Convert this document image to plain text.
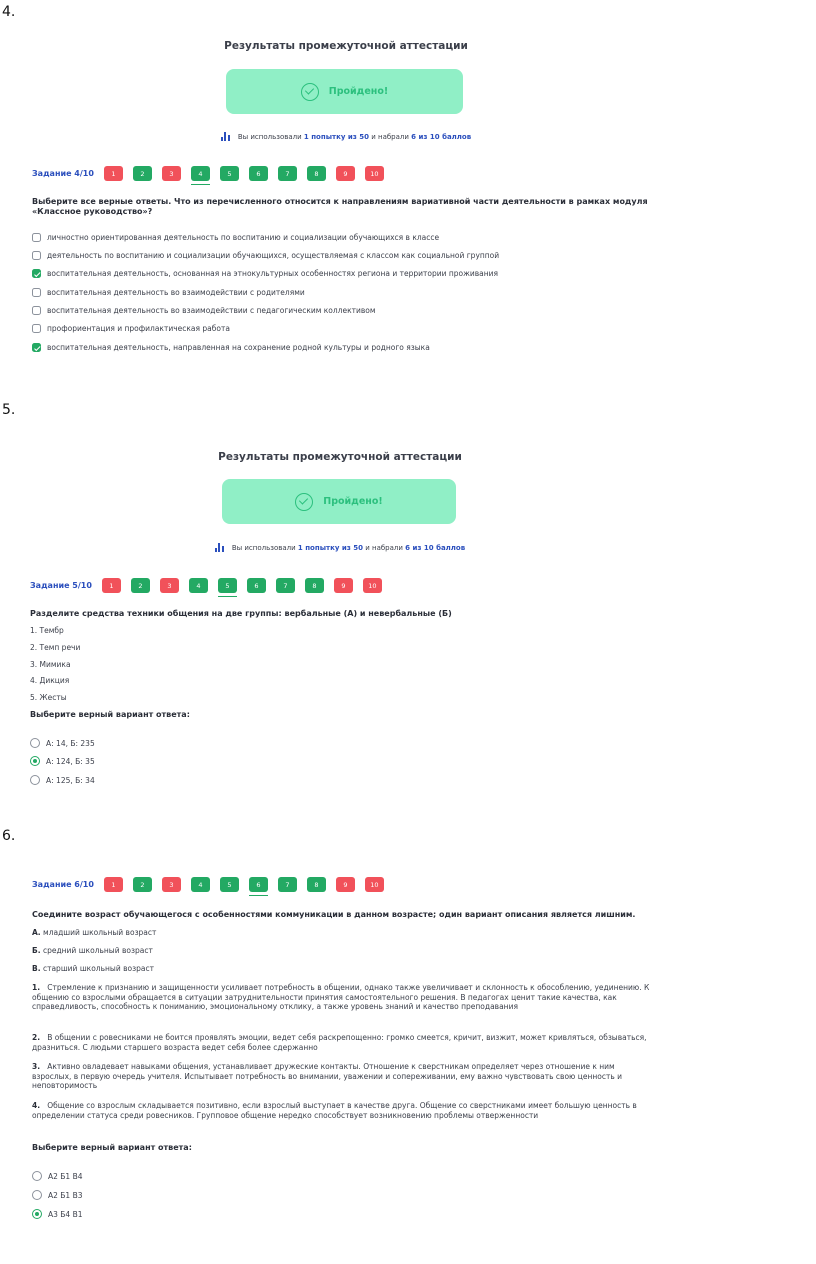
4.
Результаты промежуточной аттестации
Пройдено!
Вы использовали 1 попытку из 50 и набрали 6 из 10 баллов
Задание 4/10	1	2	3	4	5	6	7	8	9	10
Выберите все верные ответы. Что из перечисленного относится к направлениям вариативной части деятельности в рамках модуля «Классное руководство»?
личностно ориентированная деятельность по воспитанию и социализации обучающихся в классе
деятельность по воспитанию и социализации обучающихся, осуществляемая с классом как социальной группой
воспитательная деятельность, основанная на этнокультурных особенностях региона и территории проживания
воспитательная деятельность во взаимодействии с родителями
воспитательная деятельность во взаимодействии с педагогическим коллективом
профориентация и профилактическая работа
воспитательная деятельность, направленная на сохранение родной культуры и родного языка
5.
Результаты промежуточной аттестации
Пройдено!
Вы использовали 1 попытку из 50 и набрали 6 из 10 баллов
Задание 5/10	1	2	3	4	5	6	7	8	9	10
Разделите средства техники общения на две группы: вербальные (А) и невербальные (Б)
1. Тембр
2. Темп речи
3. Мимика
4. Дикция
5. Жесты
Выберите верный вариант ответа:
А: 14, Б: 235
А: 124, Б: 35
А: 125, Б: 34
6.
Задание 6/10	1	2	3	4	5	6	7	8	9	10
Соедините возраст обучающегося с особенностями коммуникации в данном возрасте; один вариант описания является лишним.
А. младший школьный возраст
Б. средний школьный возраст
В. старший школьный возраст
1. Стремление к признанию и защищенности усиливает потребность в общении, однако также увеличивает и склонность к обособлению, уединению. К общению со взрослыми обращается в ситуации затруднительности принятия самостоятельного решения. В педагогах ценит такие качества, как справедливость, способность к пониманию, эмоциональному отклику, а также уровень знаний и качество преподавания
2. В общении с ровесниками не боится проявлять эмоции, ведет себя раскрепощенно: громко смеется, кричит, визжит, может кривляться, обзываться, дразниться. С людьми старшего возраста ведет себя более сдержанно
3. Активно овладевает навыками общения, устанавливает дружеские контакты. Отношение к сверстникам определяет через отношение к ним взрослых, в первую очередь учителя. Испытывает потребность во внимании, уважении и сопереживании, ему важно чувствовать свою ценность и неповторимость
4. Общение со взрослым складывается позитивно, если взрослый выступает в качестве друга. Общение со сверстниками имеет большую ценность в определении статуса среди ровесников. Групповое общение нередко способствует возникновению проблемы отверженности
Выберите верный вариант ответа:
А2 Б1 В4
А2 Б1 В3
А3 Б4 В1
